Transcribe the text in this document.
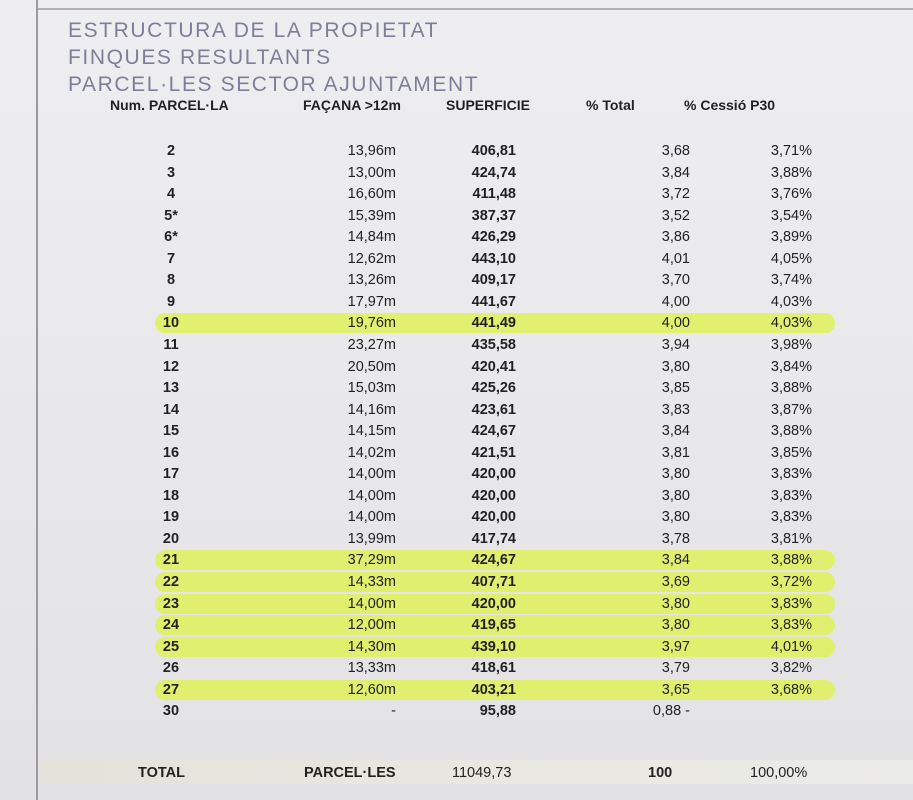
ESTRUCTURA DE LA PROPIETAT
FINQUES RESULTANTS
PARCEL·LES SECTOR AJUNTAMENT
Num. PARCEL·LA	FAÇANA >12m	SUPERFICIE	% Total	% Cessió P30
2	13,96m	406,81	3,68	3,71%
3	13,00m	424,74	3,84	3,88%
4	16,60m	411,48	3,72	3,76%
5*	15,39m	387,37	3,52	3,54%
6*	14,84m	426,29	3,86	3,89%
7	12,62m	443,10	4,01	4,05%
8	13,26m	409,17	3,70	3,74%
9	17,97m	441,67	4,00	4,03%
10	19,76m	441,49	4,00	4,03%
11	23,27m	435,58	3,94	3,98%
12	20,50m	420,41	3,80	3,84%
13	15,03m	425,26	3,85	3,88%
14	14,16m	423,61	3,83	3,87%
15	14,15m	424,67	3,84	3,88%
16	14,02m	421,51	3,81	3,85%
17	14,00m	420,00	3,80	3,83%
18	14,00m	420,00	3,80	3,83%
19	14,00m	420,00	3,80	3,83%
20	13,99m	417,74	3,78	3,81%
21	37,29m	424,67	3,84	3,88%
22	14,33m	407,71	3,69	3,72%
23	14,00m	420,00	3,80	3,83%
24	12,00m	419,65	3,80	3,83%
25	14,30m	439,10	3,97	4,01%
26	13,33m	418,61	3,79	3,82%
27	12,60m	403,21	3,65	3,68%
30	-	95,88	0,88 -
TOTAL	PARCEL·LES	11049,73	100	100,00%
